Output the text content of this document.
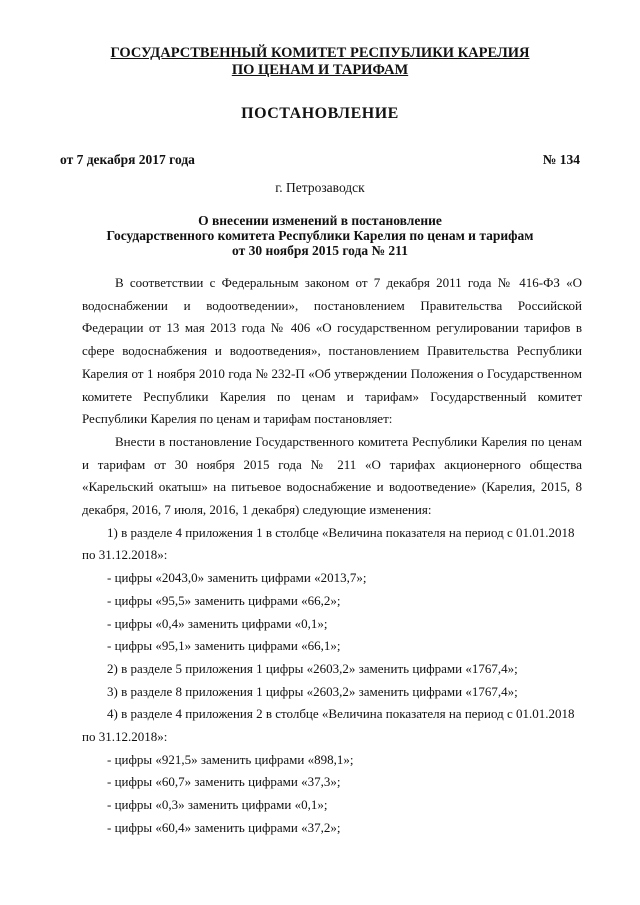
ГОСУДАРСТВЕННЫЙ КОМИТЕТ РЕСПУБЛИКИ КАРЕЛИЯ
ПО ЦЕНАМ И ТАРИФАМ
ПОСТАНОВЛЕНИЕ
от 7 декабря 2017 года	№ 134
г. Петрозаводск
О внесении изменений в постановление
Государственного комитета Республики Карелия по ценам и тарифам
от 30 ноября 2015 года № 211

В соответствии с Федеральным законом от 7 декабря 2011 года № 416-ФЗ «О водоснабжении и водоотведении», постановлением Правительства Российской Федерации от 13 мая 2013 года № 406 «О государственном регулировании тарифов в сфере водоснабжения и водоотведения», постановлением Правительства Республики Карелия от 1 ноября 2010 года № 232-П «Об утверждении Положения о Государственном комитете Республики Карелия по ценам и тарифам» Государственный комитет Республики Карелия по ценам и тарифам постановляет:

Внести в постановление Государственного комитета Республики Карелия по ценам и тарифам от 30 ноября 2015 года № 211 «О тарифах акционерного общества «Карельский окатыш» на питьевое водоснабжение и водоотведение» (Карелия, 2015, 8 декабря, 2016, 7 июля, 2016, 1 декабря) следующие изменения:

1) в разделе 4 приложения 1 в столбце «Величина показателя на период с 01.01.2018 по 31.12.2018»:

- цифры «2043,0» заменить цифрами «2013,7»;

- цифры «95,5» заменить цифрами «66,2»;

- цифры «0,4» заменить цифрами «0,1»;

- цифры «95,1» заменить цифрами «66,1»;

2) в разделе 5 приложения 1 цифры «2603,2» заменить цифрами «1767,4»;

3) в разделе 8 приложения 1 цифры «2603,2» заменить цифрами «1767,4»;

4) в разделе 4 приложения 2 в столбце «Величина показателя на период с 01.01.2018 по 31.12.2018»:

- цифры «921,5» заменить цифрами «898,1»;

- цифры «60,7» заменить цифрами «37,3»;

- цифры «0,3» заменить цифрами «0,1»;

- цифры «60,4» заменить цифрами «37,2»;
